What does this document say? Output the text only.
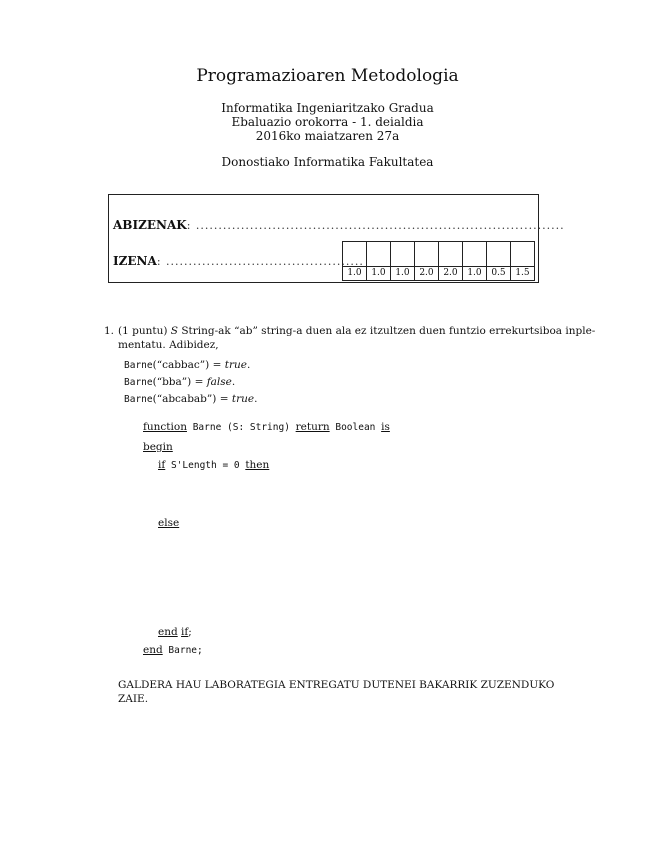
Programazioaren Metodologia
Informatika Ingeniaritzako Gradua
Ebaluazio orokorra - 1. deialdia
2016ko maiatzaren 27a
Donostiako Informatika Fakultatea
ABIZENAK: ..................................................................................
IZENA: ............................................

1.0	1.0	1.0	2.0	2.0	1.0	0.5	1.5
1. (1 puntu) S String-ak “ab” string-a duen ala ez itzultzen duen funtzio errekurtsiboa inple-
mentatu. Adibidez,
Barne(“cabbac”) = true.
Barne(“bba”) = false.
Barne(“abcabab”) = true.
function Barne (S: String) return Boolean is
begin
if S'Length = 0 then
else
end if;
end Barne;
GALDERA HAU LABORATEGIA ENTREGATU DUTENEI BAKARRIK ZUZENDUKO
ZAIE.
